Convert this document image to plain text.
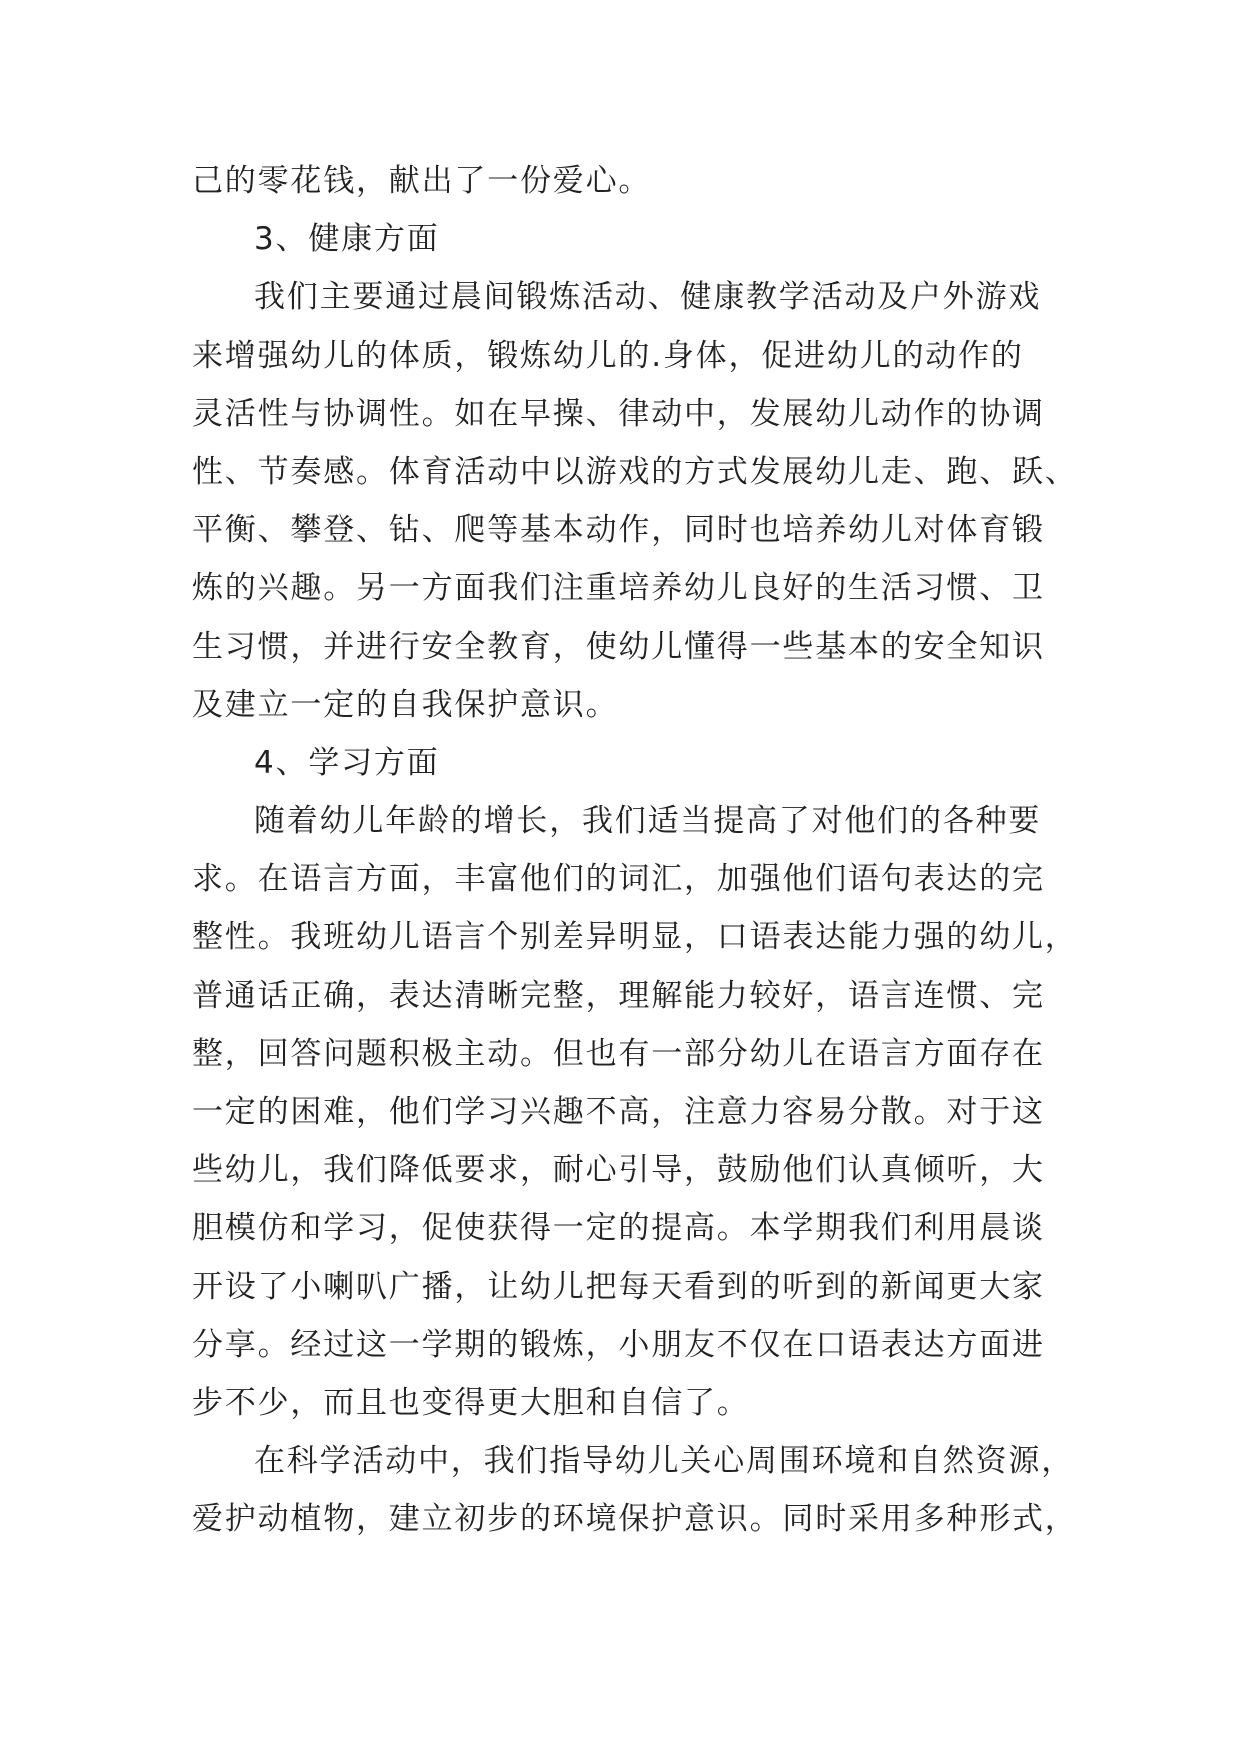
己的零花钱，献出了一份爱心。
3、健康方面
我们主要通过晨间锻炼活动、健康教学活动及户外游戏
来增强幼儿的体质，锻炼幼儿的.身体，促进幼儿的动作的
灵活性与协调性。如在早操、律动中，发展幼儿动作的协调
性、节奏感。体育活动中以游戏的方式发展幼儿走、跑、跃、
平衡、攀登、钻、爬等基本动作，同时也培养幼儿对体育锻
炼的兴趣。另一方面我们注重培养幼儿良好的生活习惯、卫
生习惯，并进行安全教育，使幼儿懂得一些基本的安全知识
及建立一定的自我保护意识。
4、学习方面
随着幼儿年龄的增长，我们适当提高了对他们的各种要
求。在语言方面，丰富他们的词汇，加强他们语句表达的完
整性。我班幼儿语言个别差异明显，口语表达能力强的幼儿，
普通话正确，表达清晰完整，理解能力较好，语言连惯、完
整，回答问题积极主动。但也有一部分幼儿在语言方面存在
一定的困难，他们学习兴趣不高，注意力容易分散。对于这
些幼儿，我们降低要求，耐心引导，鼓励他们认真倾听，大
胆模仿和学习，促使获得一定的提高。本学期我们利用晨谈
开设了小喇叭广播，让幼儿把每天看到的听到的新闻更大家
分享。经过这一学期的锻炼，小朋友不仅在口语表达方面进
步不少，而且也变得更大胆和自信了。
在科学活动中，我们指导幼儿关心周围环境和自然资源，
爱护动植物，建立初步的环境保护意识。同时采用多种形式，
